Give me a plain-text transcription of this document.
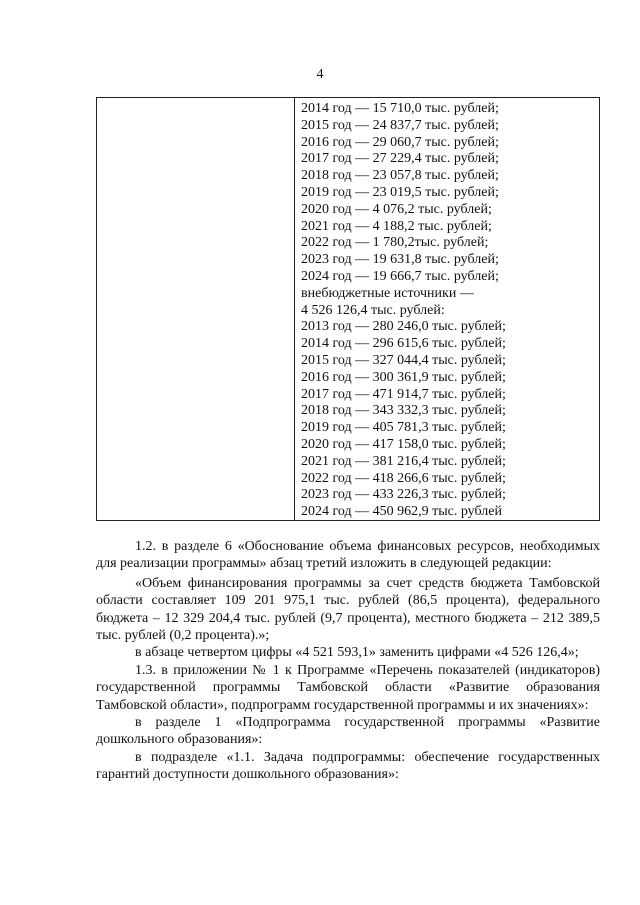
4
2014 год — 15 710,0 тыс. рублей;
2015 год — 24 837,7 тыс. рублей;
2016 год — 29 060,7 тыс. рублей;
2017 год — 27 229,4 тыс. рублей;
2018 год — 23 057,8 тыс. рублей;
2019 год — 23 019,5 тыс. рублей;
2020 год — 4 076,2 тыс. рублей;
2021 год — 4 188,2 тыс. рублей;
2022 год — 1 780,2тыс. рублей;
2023 год — 19 631,8 тыс. рублей;
2024 год — 19 666,7 тыс. рублей;
внебюджетные источники —
4 526 126,4 тыс. рублей:
2013 год — 280 246,0 тыс. рублей;
2014 год — 296 615,6 тыс. рублей;
2015 год — 327 044,4 тыс. рублей;
2016 год — 300 361,9 тыс. рублей;
2017 год — 471 914,7 тыс. рублей;
2018 год — 343 332,3 тыс. рублей;
2019 год — 405 781,3 тыс. рублей;
2020 год — 417 158,0 тыс. рублей;
2021 год — 381 216,4 тыс. рублей;
2022 год — 418 266,6 тыс. рублей;
2023 год — 433 226,3 тыс. рублей;
2024 год — 450 962,9 тыс. рублей
1.2. в разделе 6 «Обоснование объема финансовых ресурсов, необходимых для реализации программы» абзац третий изложить в следующей редакции:
«Объем финансирования программы за счет средств бюджета Тамбовской области составляет 109 201 975,1 тыс. рублей (86,5 процента), федерального бюджета – 12 329 204,4 тыс. рублей (9,7 процента), местного бюджета – 212 389,5 тыс. рублей (0,2 процента).»;
в абзаце четвертом цифры «4 521 593,1» заменить цифрами «4 526 126,4»;
1.3. в приложении № 1 к Программе «Перечень показателей (индикаторов) государственной программы Тамбовской области «Развитие образования Тамбовской области», подпрограмм государственной программы и их значениях»:
в разделе 1 «Подпрограмма государственной программы «Развитие дошкольного образования»:
в подразделе «1.1. Задача подпрограммы: обеспечение государственных гарантий доступности дошкольного образования»:
